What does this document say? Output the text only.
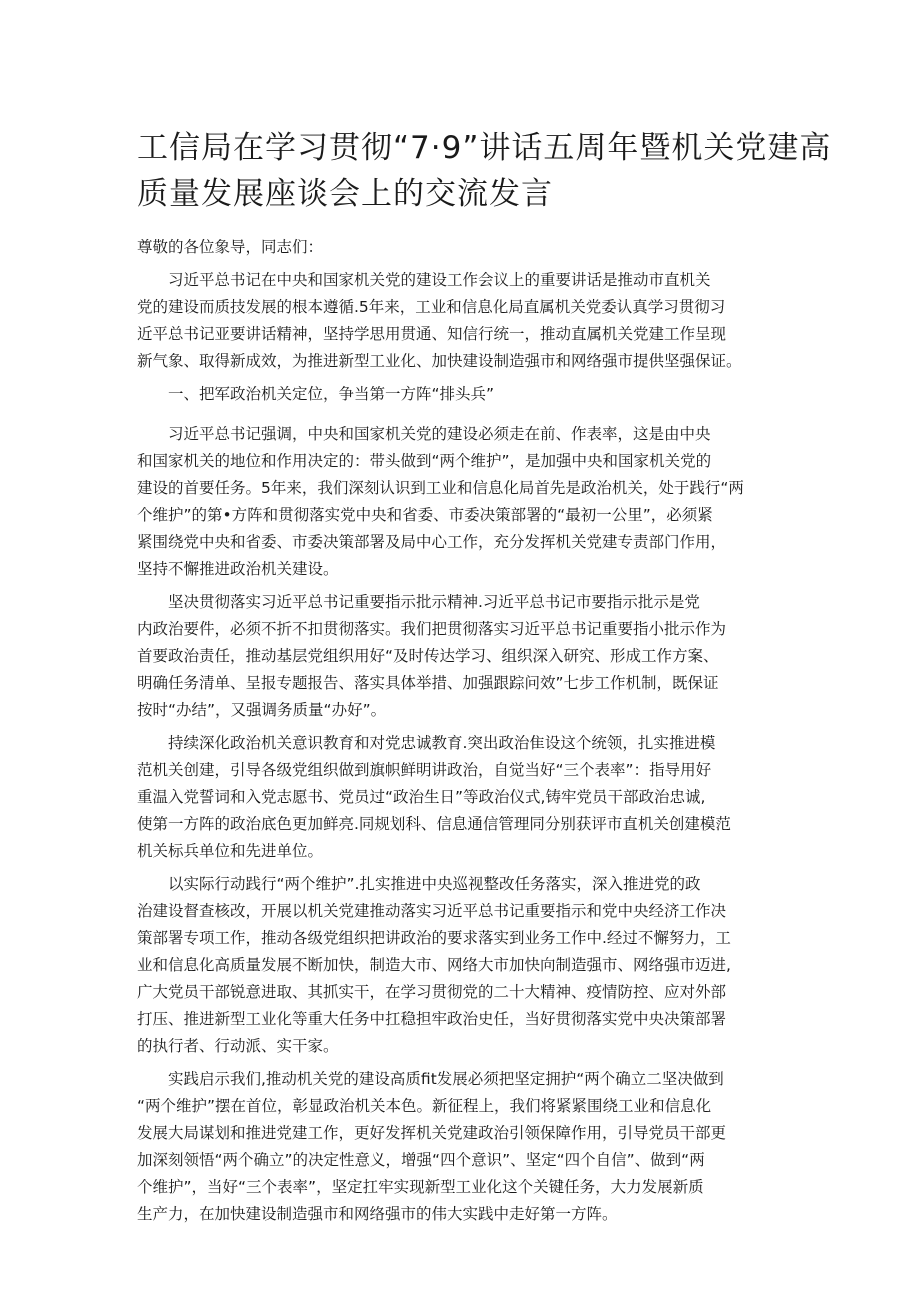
工信局在学习贯彻“7·9”讲话五周年暨机关党建高
质量发展座谈会上的交流发言

尊敬的各位象导，同志们：

习近平总书记在中央和国家机关党的建设工作会议上的重要讲话是推动市直机关
党的建设而质技发展的根本遵循.5年来，工业和信息化局直属机关党委认真学习贯彻习
近平总书记亚要讲话精神，坚持学思用贯通、知信行统一，推动直属机关党建工作呈现
新气象、取得新成效，为推进新型工业化、加快建设制造强市和网络强市提供坚强保证。

一、把军政治机关定位，争当第一方阵“排头兵”

习近平总书记强调，中央和国家机关党的建设必须走在前、作表率，这是由中央
和国家机关的地位和作用决定的：带头做到“两个维护”，是加强中央和国家机关党的
建设的首要任务。5年来，我们深刻认识到工业和信息化局首先是政治机关，处于践行“两
个维护”的第•方阵和贯彻落实党中央和省委、市委决策部署的“最初一公里”，必须紧
紧围绕党中央和省委、市委决策部署及局中心工作，充分发挥机关党建专责部门作用，
坚持不懈推进政治机关建设。

坚决贯彻落实习近平总书记重要指示批示精神.习近平总书记市要指示批示是党
内政治要件，必须不折不扣贯彻落实。我们把贯彻落实习近平总书记重要指小批示作为
首要政治责任，推动基层党组织用好“及时传达学习、组织深入研究、形成工作方案、
明确任务清单、呈报专题报告、落实具体举措、加强跟踪问效”七步工作机制，既保证
按时“办结”，又强调务质量“办好”。

持续深化政治机关意识教育和对党忠诚教育.突出政治隹设这个统领，扎实推进模
范机关创建，引导各级党组织做到旗帜鲜明讲政治，自觉当好“三个表率”：指导用好
重温入党誓词和入党志愿书、党员过“政治生日”等政治仪式,铸牢党员干部政治忠诚,
使第一方阵的政治底色更加鲜亮.同规划科、信息通信管理同分别获评市直机关创建模范
机关标兵单位和先进单位。

以实际行动践行“两个维护”.扎实推进中央巡视整改任务落实，深入推进党的政
治建设督查核改，开展以机关党建推动落实习近平总书记重要指示和党中央经济工作决
策部署专项工作，推动各级党组织把讲政治的要求落实到业务工作中.经过不懈努力，工
业和信息化高质量发展不断加快，制造大市、网络大市加快向制造强市、网络强市迈进,
广大党员干部锐意进取、其抓实干，在学习贯彻党的二十大精神、疫情防控、应对外部
打压、推进新型工业化等重大任务中扛稳担牢政治史任，当好贯彻落实党中央决策部署
的执行者、行动派、实干家。

实践启示我们,推动机关党的建设高质fit发展必须把坚定拥护“两个确立二坚决做到
“两个维护”摆在首位，彰显政治机关本色。新征程上，我们将紧紧围绕工业和信息化
发展大局谋划和推进党建工作，更好发挥机关党建政治引领保障作用，引导党员干部更
加深刻领悟“两个确立”的决定性意义，增强“四个意识”、坚定“四个自信”、做到“两
个维护”，当好“三个表率”，坚定扛牢实现新型工业化这个关键任务，大力发展新质
生产力，在加快建设制造强市和网络强市的伟大实践中走好第一方阵。
